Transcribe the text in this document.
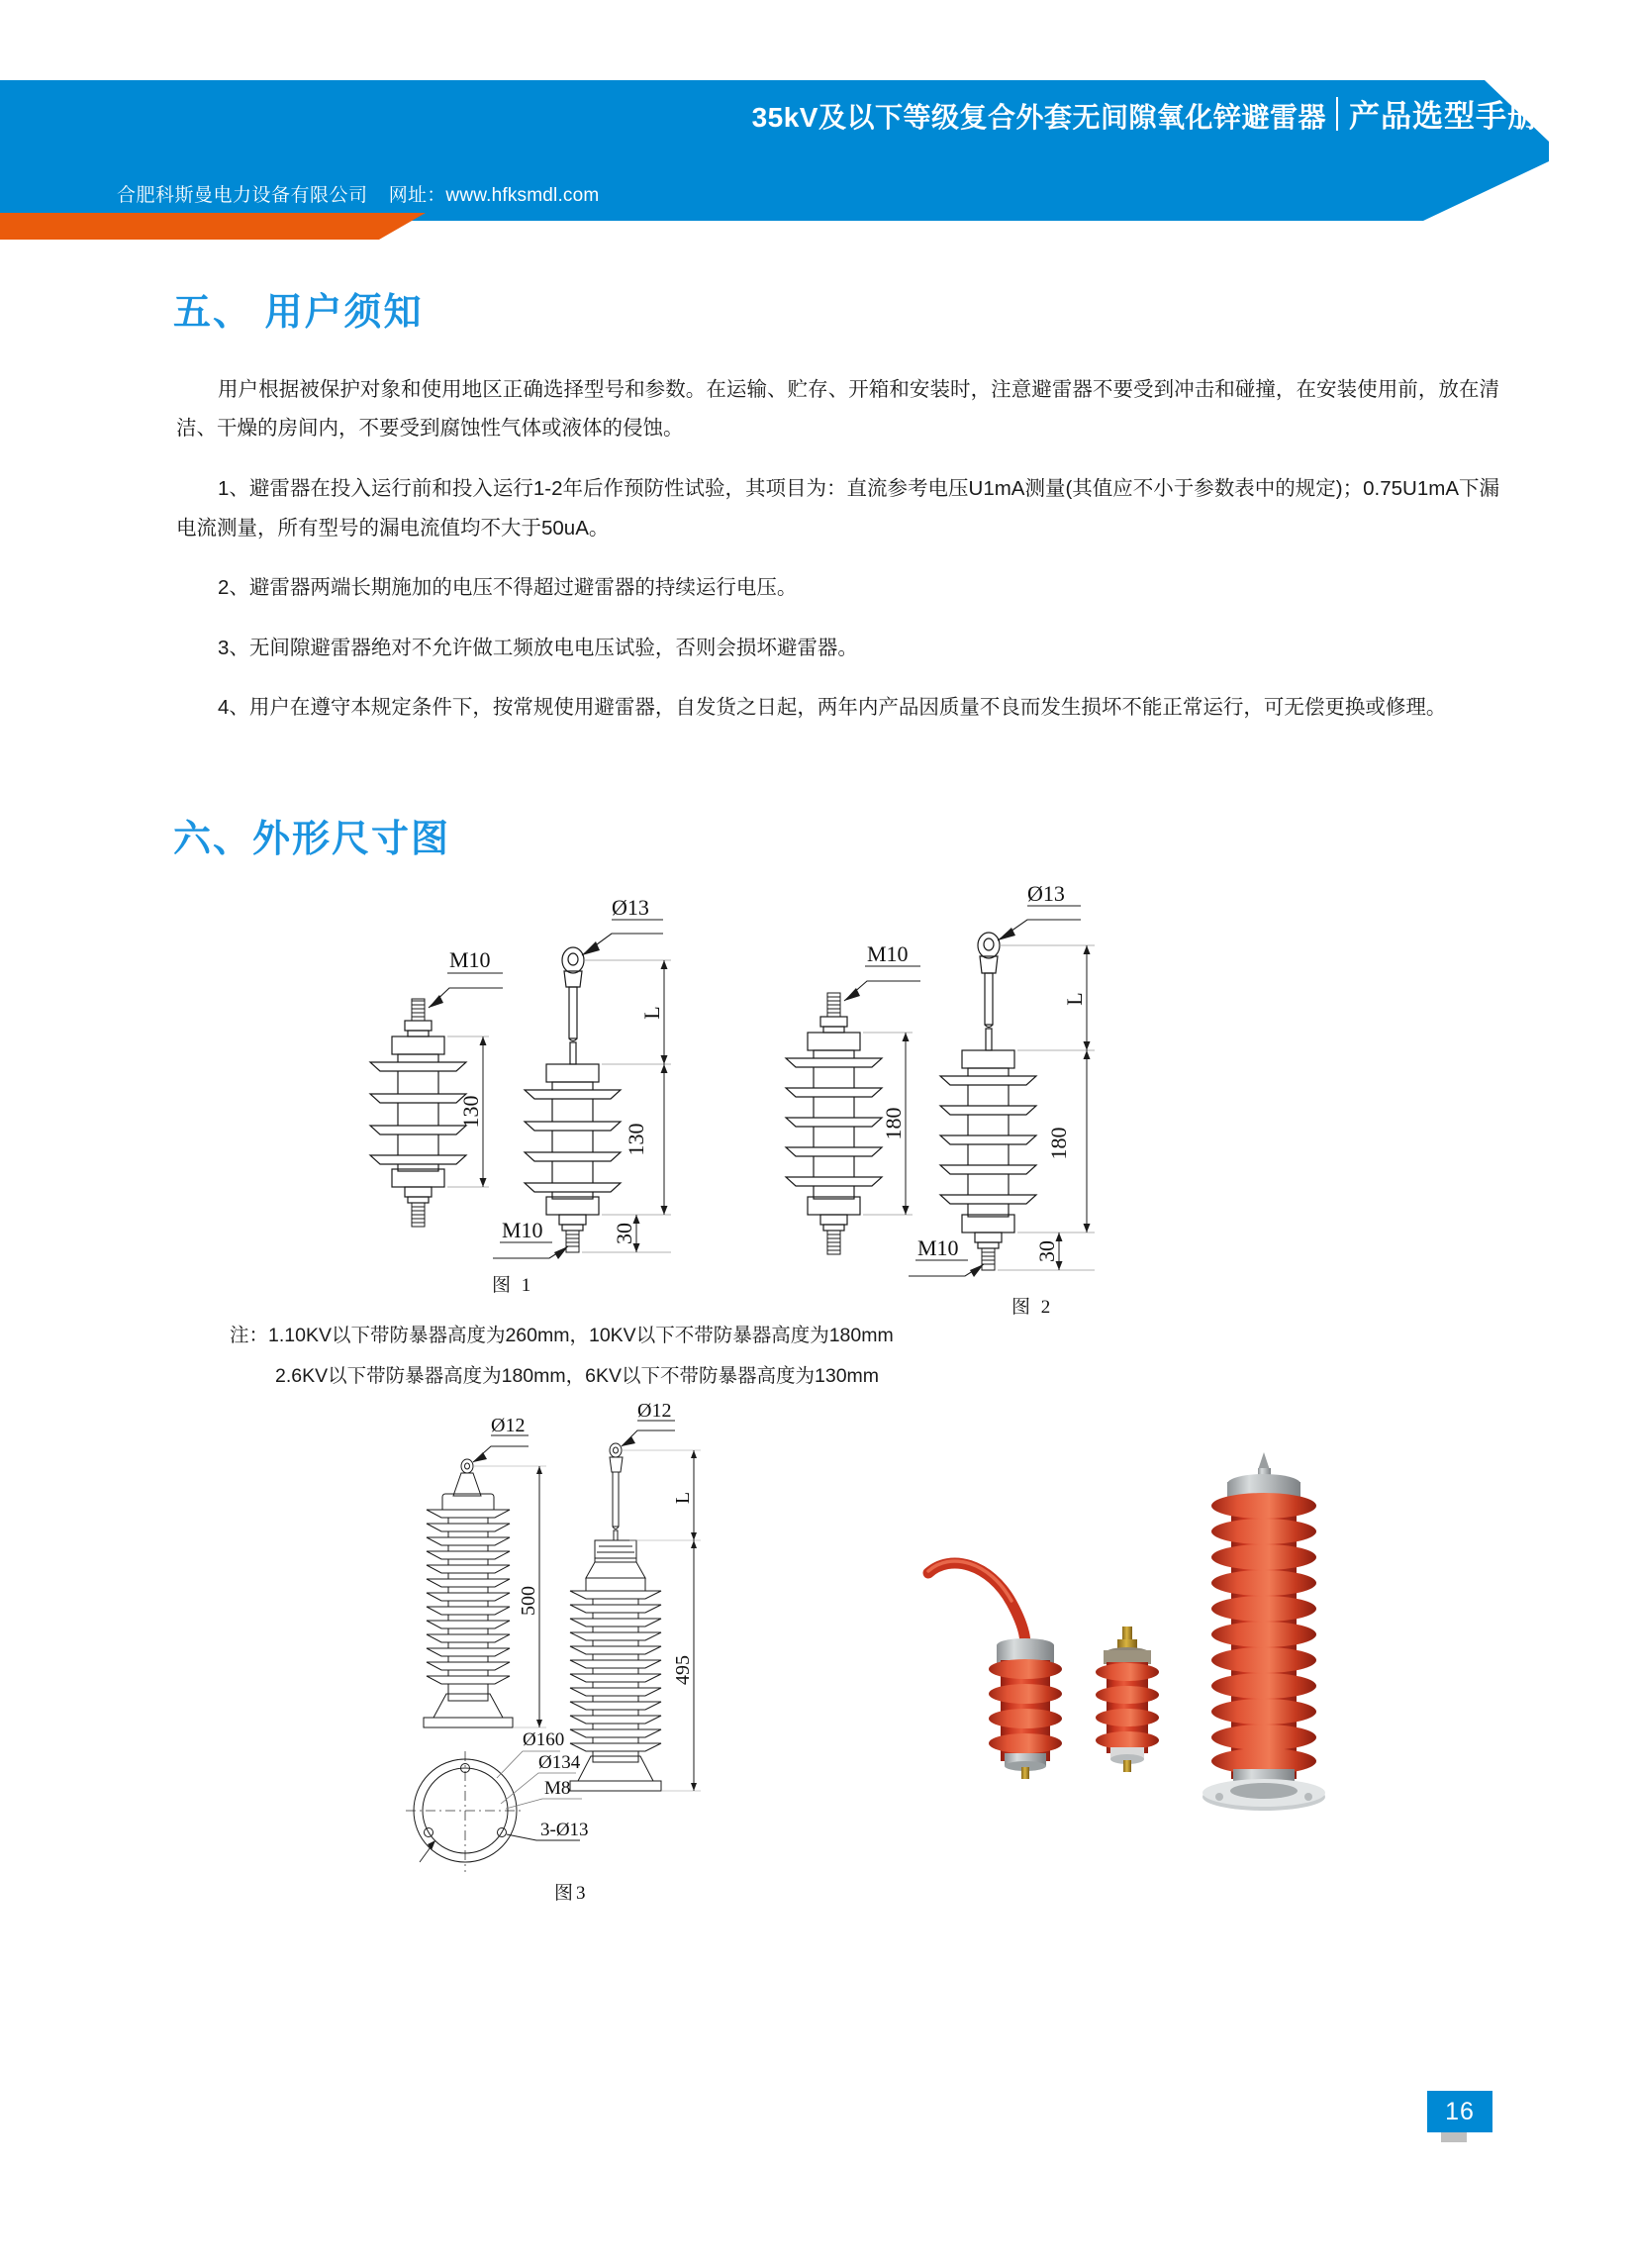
35kV及以下等级复合外套无间隙氧化锌避雷器 产品选型手册
合肥科斯曼电力设备有限公司 网址：www.hfksmdl.com
五、 用户须知

用户根据被保护对象和使用地区正确选择型号和参数。在运输、贮存、开箱和安装时，注意避雷器不要受到冲击和碰撞，在安装使用前，放在清洁、干燥的房间内，不要受到腐蚀性气体或液体的侵蚀。

1、避雷器在投入运行前和投入运行1-2年后作预防性试验，其项目为：直流参考电压U1mA测量(其值应不小于参数表中的规定)；0.75U1mA下漏电流测量，所有型号的漏电流值均不大于50uA。

2、避雷器两端长期施加的电压不得超过避雷器的持续运行电压。

3、无间隙避雷器绝对不允许做工频放电电压试验，否则会损坏避雷器。

4、用户在遵守本规定条件下，按常规使用避雷器，自发货之日起，两年内产品因质量不良而发生损坏不能正常运行，可无偿更换或修理。

六、外形尺寸图
M10
130
Ø13
L
130
30
M10
图 1
M10
180
Ø13
L
180
30
M10
图 2
注：1.10KV以下带防暴器高度为260mm，10KV以下不带防暴器高度为180mm
2.6KV以下带防暴器高度为180mm，6KV以下不带防暴器高度为130mm
500
Ø12
Ø160
Ø134
M8
3-Ø13
Ø12
L
495
图3
16
